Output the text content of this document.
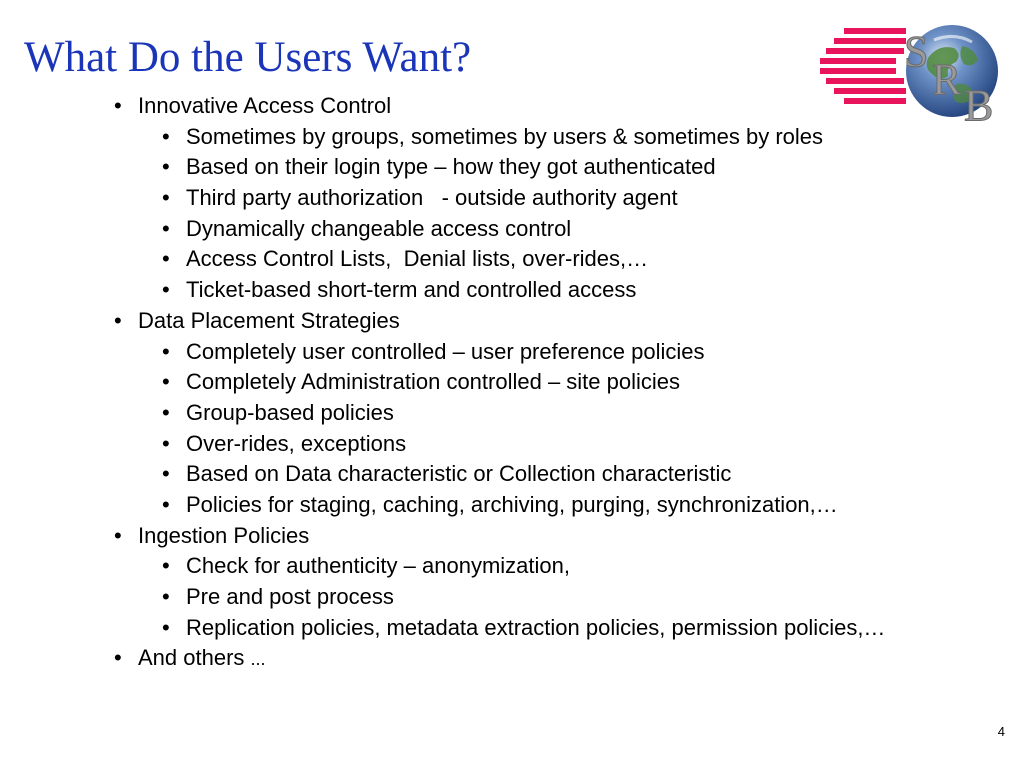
What Do the Users Want?	S
R
B
• Innovative Access Control
• Sometimes by groups, sometimes by users & sometimes by roles
• Based on their login type – how they got authenticated
• Third party authorization   - outside authority agent
• Dynamically changeable access control
• Access Control Lists,  Denial lists, over-rides,…
• Ticket-based short-term and controlled access
• Data Placement Strategies
• Completely user controlled – user preference policies
• Completely Administration controlled – site policies
• Group-based policies
• Over-rides, exceptions
• Based on Data characteristic or Collection characteristic
• Policies for staging, caching, archiving, purging, synchronization,…
• Ingestion Policies
• Check for authenticity – anonymization,
• Pre and post process
• Replication policies, metadata extraction policies, permission policies,…
• And others ...
4
